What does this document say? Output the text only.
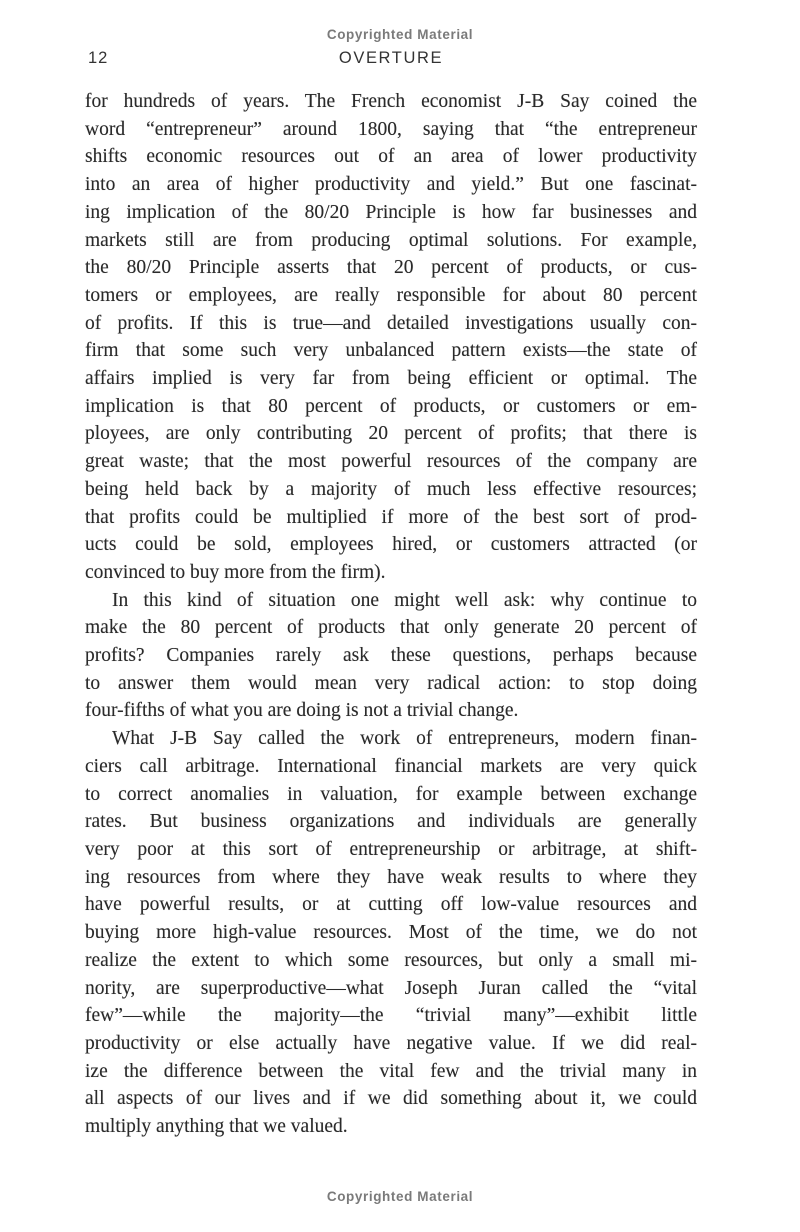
Copyrighted Material
12	OVERTURE
for hundreds of years. The French economist J-B Say coined the
word “entrepreneur” around 1800, saying that “the entrepreneur
shifts economic resources out of an area of lower productivity
into an area of higher productivity and yield.” But one fascinat-
ing implication of the 80/20 Principle is how far businesses and
markets still are from producing optimal solutions. For example,
the 80/20 Principle asserts that 20 percent of products, or cus-
tomers or employees, are really responsible for about 80 percent
of profits. If this is true—and detailed investigations usually con-
firm that some such very unbalanced pattern exists—the state of
affairs implied is very far from being efficient or optimal. The
implication is that 80 percent of products, or customers or em-
ployees, are only contributing 20 percent of profits; that there is
great waste; that the most powerful resources of the company are
being held back by a majority of much less effective resources;
that profits could be multiplied if more of the best sort of prod-
ucts could be sold, employees hired, or customers attracted (or
convinced to buy more from the firm).
In this kind of situation one might well ask: why continue to
make the 80 percent of products that only generate 20 percent of
profits? Companies rarely ask these questions, perhaps because
to answer them would mean very radical action: to stop doing
four-fifths of what you are doing is not a trivial change.
What J-B Say called the work of entrepreneurs, modern finan-
ciers call arbitrage. International financial markets are very quick
to correct anomalies in valuation, for example between exchange
rates. But business organizations and individuals are generally
very poor at this sort of entrepreneurship or arbitrage, at shift-
ing resources from where they have weak results to where they
have powerful results, or at cutting off low-value resources and
buying more high-value resources. Most of the time, we do not
realize the extent to which some resources, but only a small mi-
nority, are superproductive—what Joseph Juran called the “vital
few”—while the majority—the “trivial many”—exhibit little
productivity or else actually have negative value. If we did real-
ize the difference between the vital few and the trivial many in
all aspects of our lives and if we did something about it, we could
multiply anything that we valued.
Copyrighted Material
